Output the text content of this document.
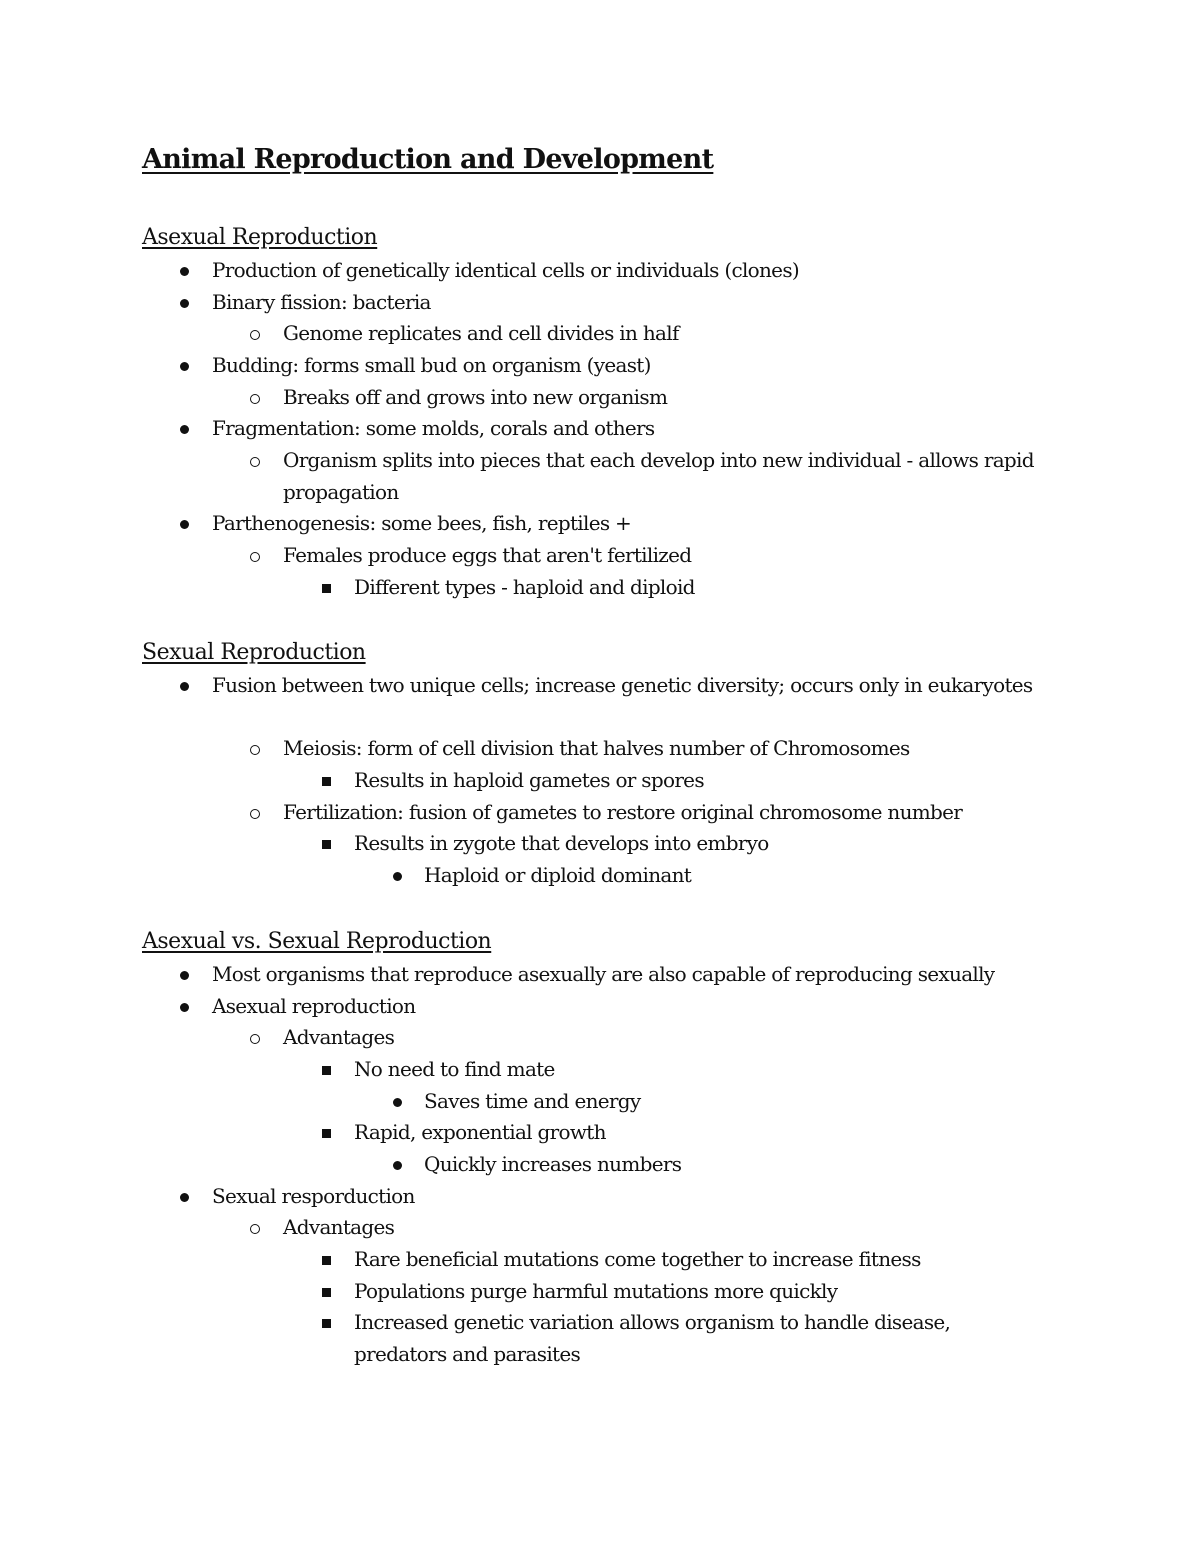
Animal Reproduction and Development
Asexual Reproduction
Production of genetically identical cells or individuals (clones)
Binary fission: bacteria
Genome replicates and cell divides in half
Budding: forms small bud on organism (yeast)
Breaks off and grows into new organism
Fragmentation: some molds, corals and others
Organism splits into pieces that each develop into new individual - allows rapid propagation
Parthenogenesis: some bees, fish, reptiles +
Females produce eggs that aren't fertilized
Different types - haploid and diploid
Sexual Reproduction
Fusion between two unique cells; increase genetic diversity; occurs only in eukaryotes
Meiosis: form of cell division that halves number of Chromosomes
Results in haploid gametes or spores
Fertilization: fusion of gametes to restore original chromosome number
Results in zygote that develops into embryo
Haploid or diploid dominant
Asexual vs. Sexual Reproduction
Most organisms that reproduce asexually are also capable of reproducing sexually
Asexual reproduction
Advantages
No need to find mate
Saves time and energy
Rapid, exponential growth
Quickly increases numbers
Sexual resporduction
Advantages
Rare beneficial mutations come together to increase fitness
Populations purge harmful mutations more quickly
Increased genetic variation allows organism to handle disease, predators and parasites
